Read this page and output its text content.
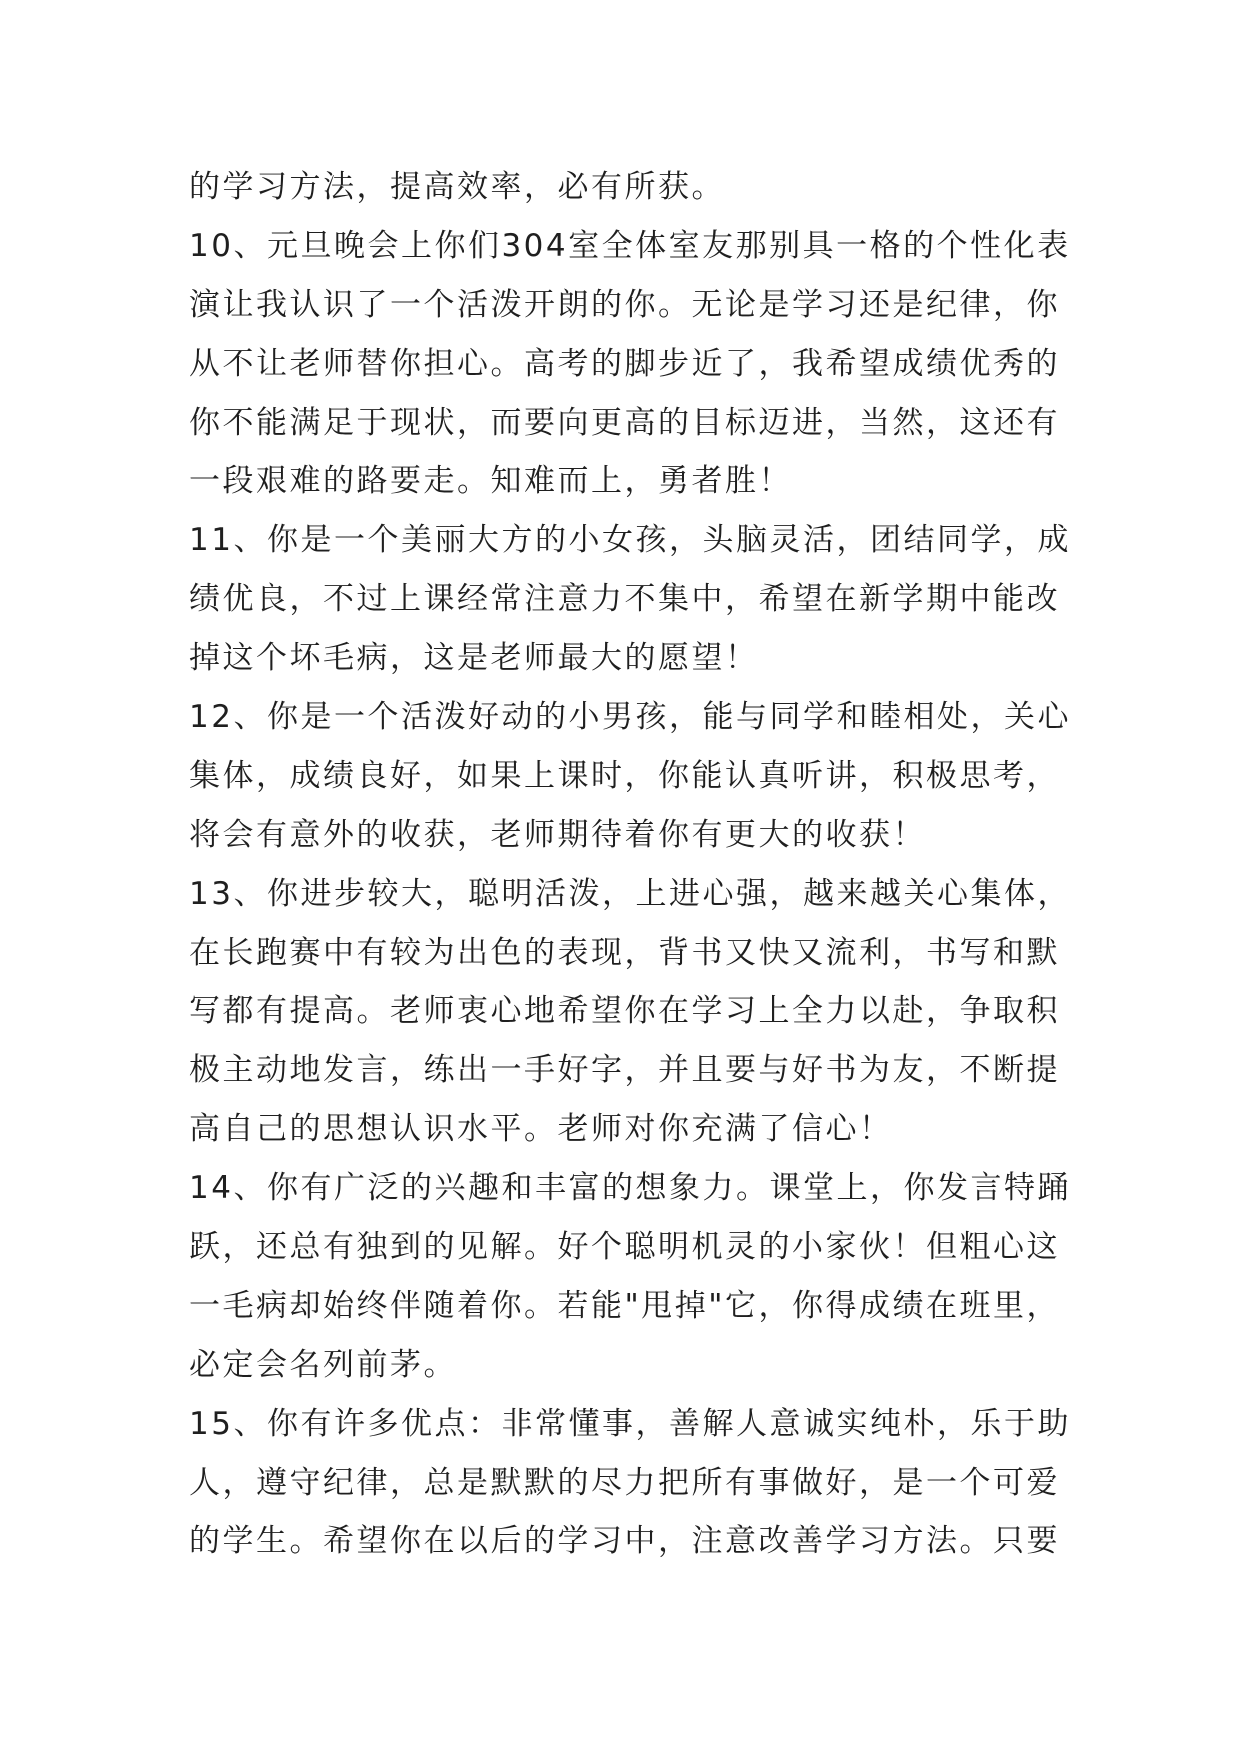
的学习方法，提高效率，必有所获。
10、元旦晚会上你们304室全体室友那别具一格的个性化表
演让我认识了一个活泼开朗的你。无论是学习还是纪律，你
从不让老师替你担心。高考的脚步近了，我希望成绩优秀的
你不能满足于现状，而要向更高的目标迈进，当然，这还有
一段艰难的路要走。知难而上，勇者胜！
11、你是一个美丽大方的小女孩，头脑灵活，团结同学，成
绩优良，不过上课经常注意力不集中，希望在新学期中能改
掉这个坏毛病，这是老师最大的愿望！
12、你是一个活泼好动的小男孩，能与同学和睦相处，关心
集体，成绩良好，如果上课时，你能认真听讲，积极思考，
将会有意外的收获，老师期待着你有更大的收获！
13、你进步较大，聪明活泼，上进心强，越来越关心集体，
在长跑赛中有较为出色的表现，背书又快又流利，书写和默
写都有提高。老师衷心地希望你在学习上全力以赴，争取积
极主动地发言，练出一手好字，并且要与好书为友，不断提
高自己的思想认识水平。老师对你充满了信心！
14、你有广泛的兴趣和丰富的想象力。课堂上，你发言特踊
跃，还总有独到的见解。好个聪明机灵的小家伙！但粗心这
一毛病却始终伴随着你。若能"甩掉"它，你得成绩在班里，
必定会名列前茅。
15、你有许多优点：非常懂事，善解人意诚实纯朴，乐于助
人，遵守纪律，总是默默的尽力把所有事做好，是一个可爱
的学生。希望你在以后的学习中，注意改善学习方法。只要
